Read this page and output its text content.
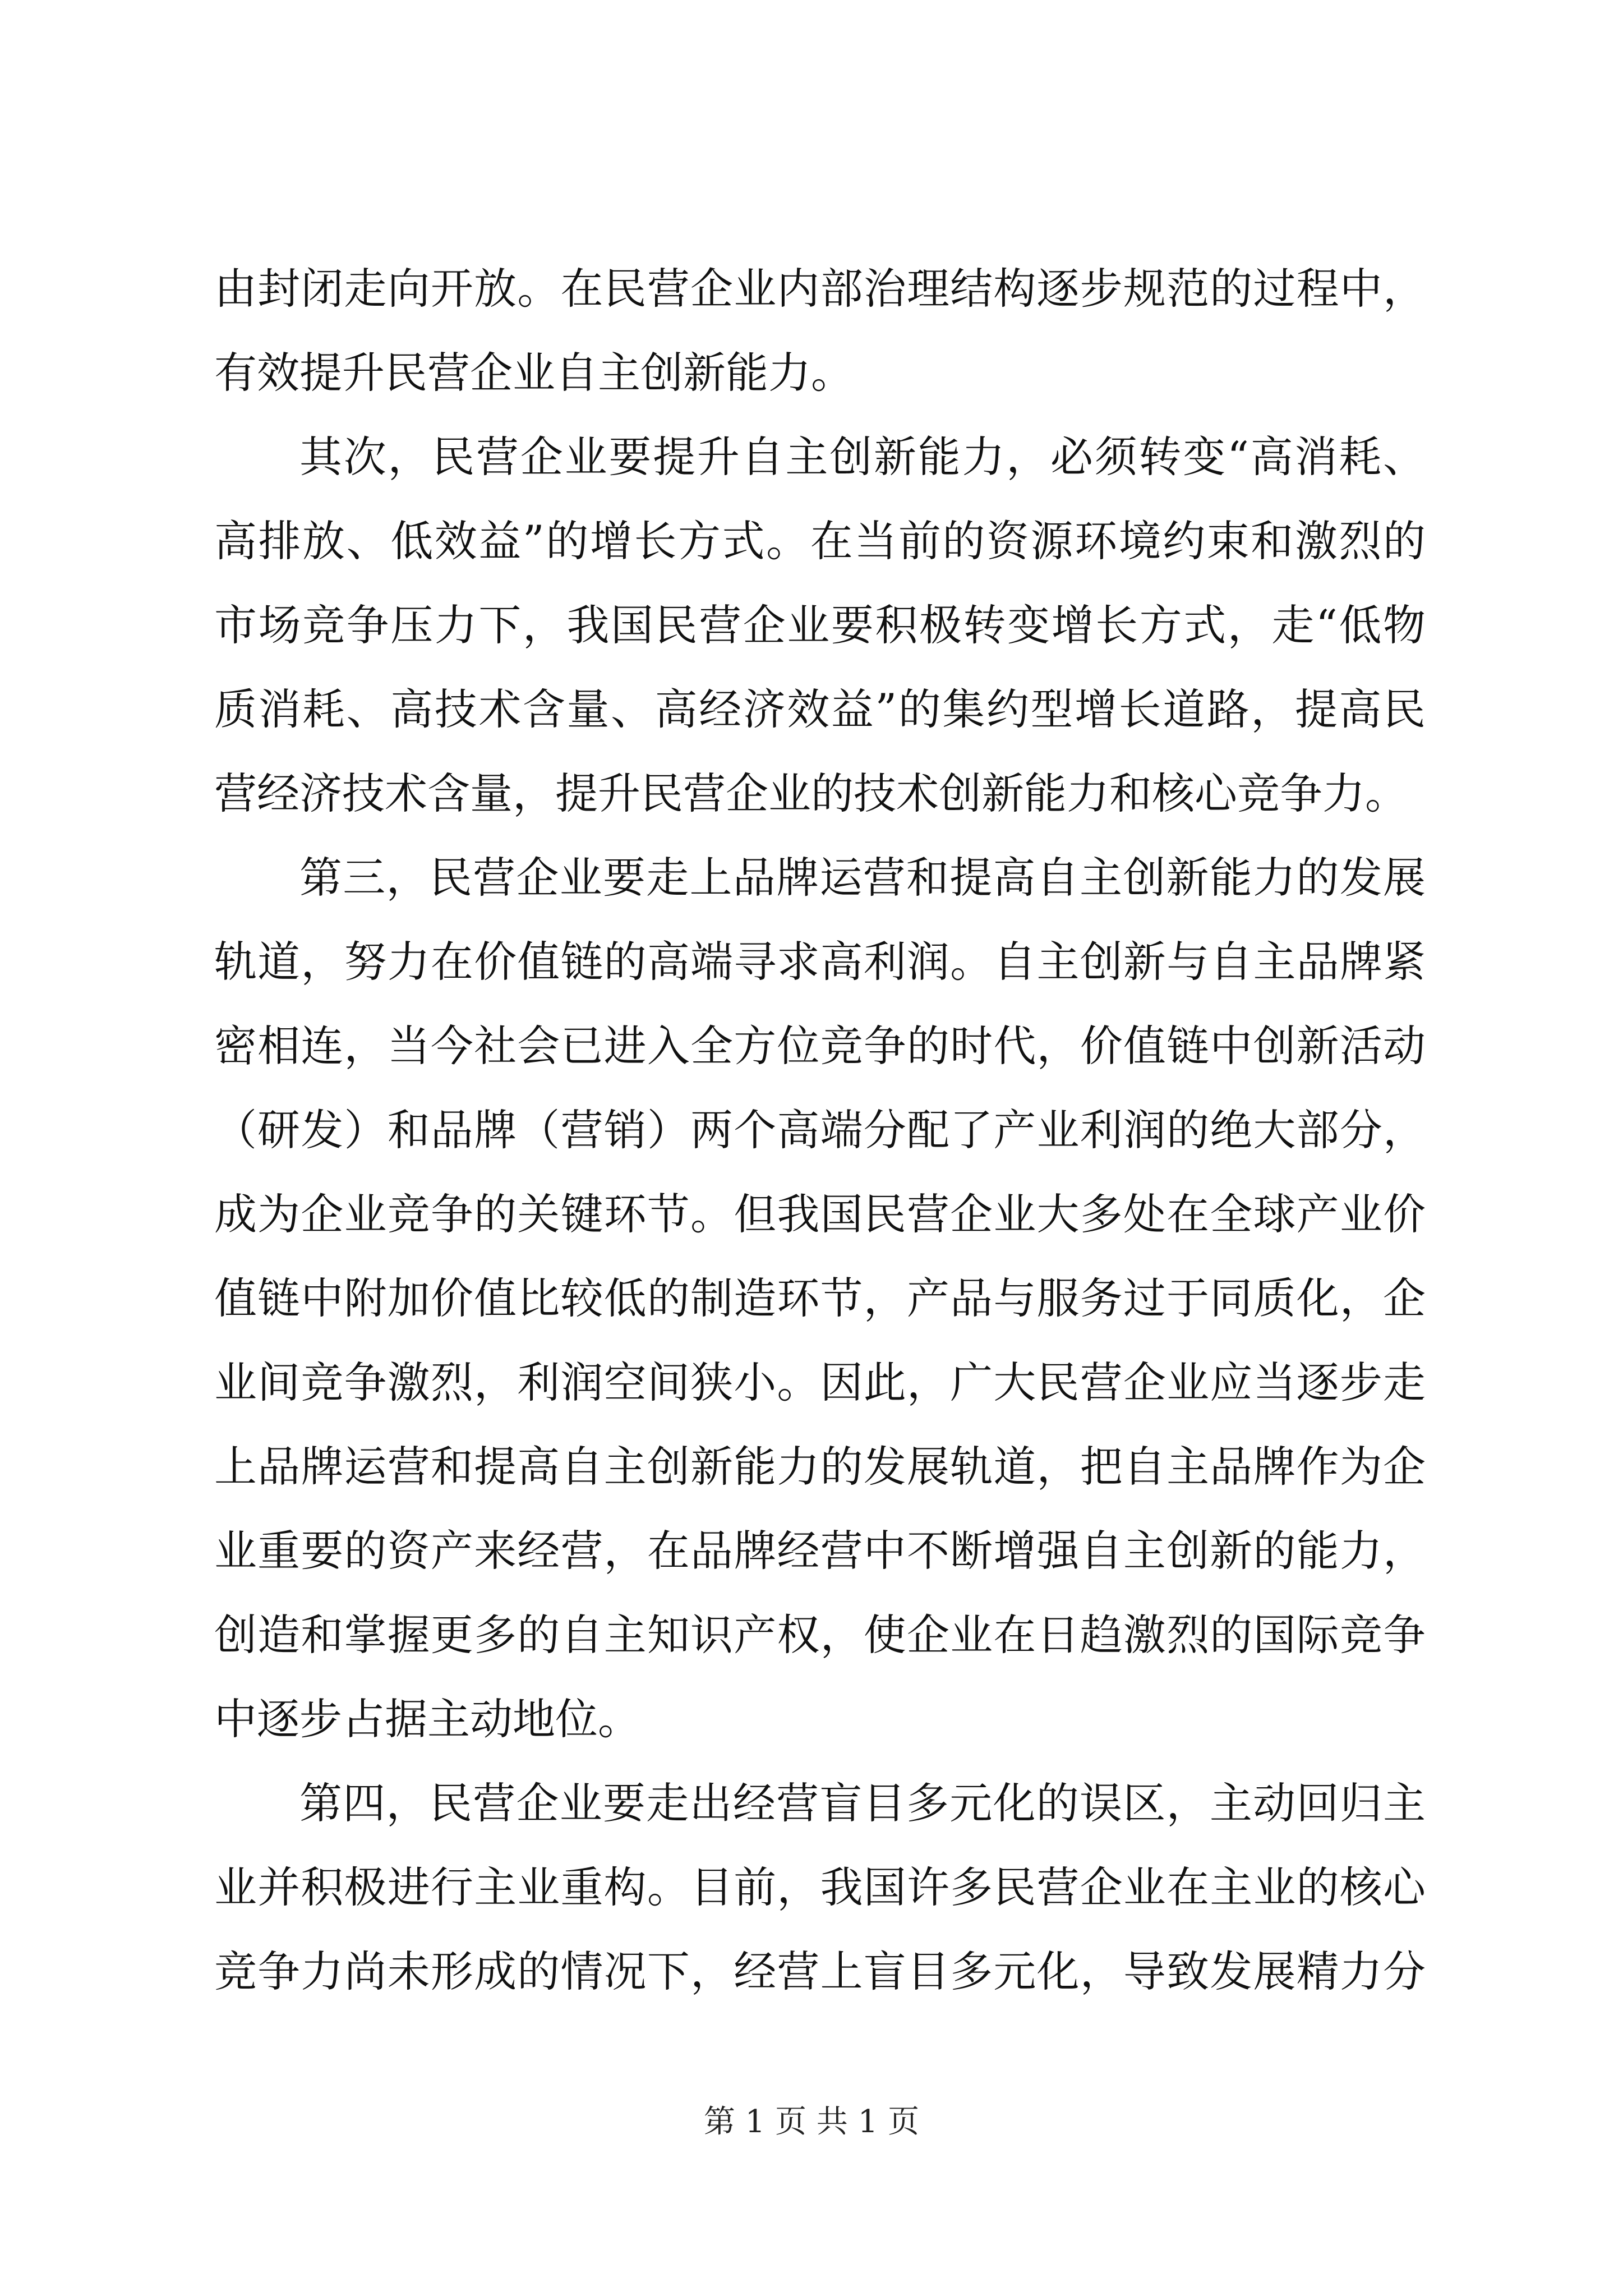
由封闭走向开放。在民营企业内部治理结构逐步规范的过程中，
有效提升民营企业自主创新能力。
其次，民营企业要提升自主创新能力，必须转变“高消耗、
高排放、低效益”的增长方式。在当前的资源环境约束和激烈的
市场竞争压力下，我国民营企业要积极转变增长方式，走“低物
质消耗、高技术含量、高经济效益”的集约型增长道路，提高民
营经济技术含量，提升民营企业的技术创新能力和核心竞争力。
第三，民营企业要走上品牌运营和提高自主创新能力的发展
轨道，努力在价值链的高端寻求高利润。自主创新与自主品牌紧
密相连，当今社会已进入全方位竞争的时代，价值链中创新活动
（研发）和品牌（营销）两个高端分配了产业利润的绝大部分，
成为企业竞争的关键环节。但我国民营企业大多处在全球产业价
值链中附加价值比较低的制造环节，产品与服务过于同质化，企
业间竞争激烈，利润空间狭小。因此，广大民营企业应当逐步走
上品牌运营和提高自主创新能力的发展轨道，把自主品牌作为企
业重要的资产来经营，在品牌经营中不断增强自主创新的能力，
创造和掌握更多的自主知识产权，使企业在日趋激烈的国际竞争
中逐步占据主动地位。
第四，民营企业要走出经营盲目多元化的误区，主动回归主
业并积极进行主业重构。目前，我国许多民营企业在主业的核心
竞争力尚未形成的情况下，经营上盲目多元化，导致发展精力分
第 1 页 共 1 页
